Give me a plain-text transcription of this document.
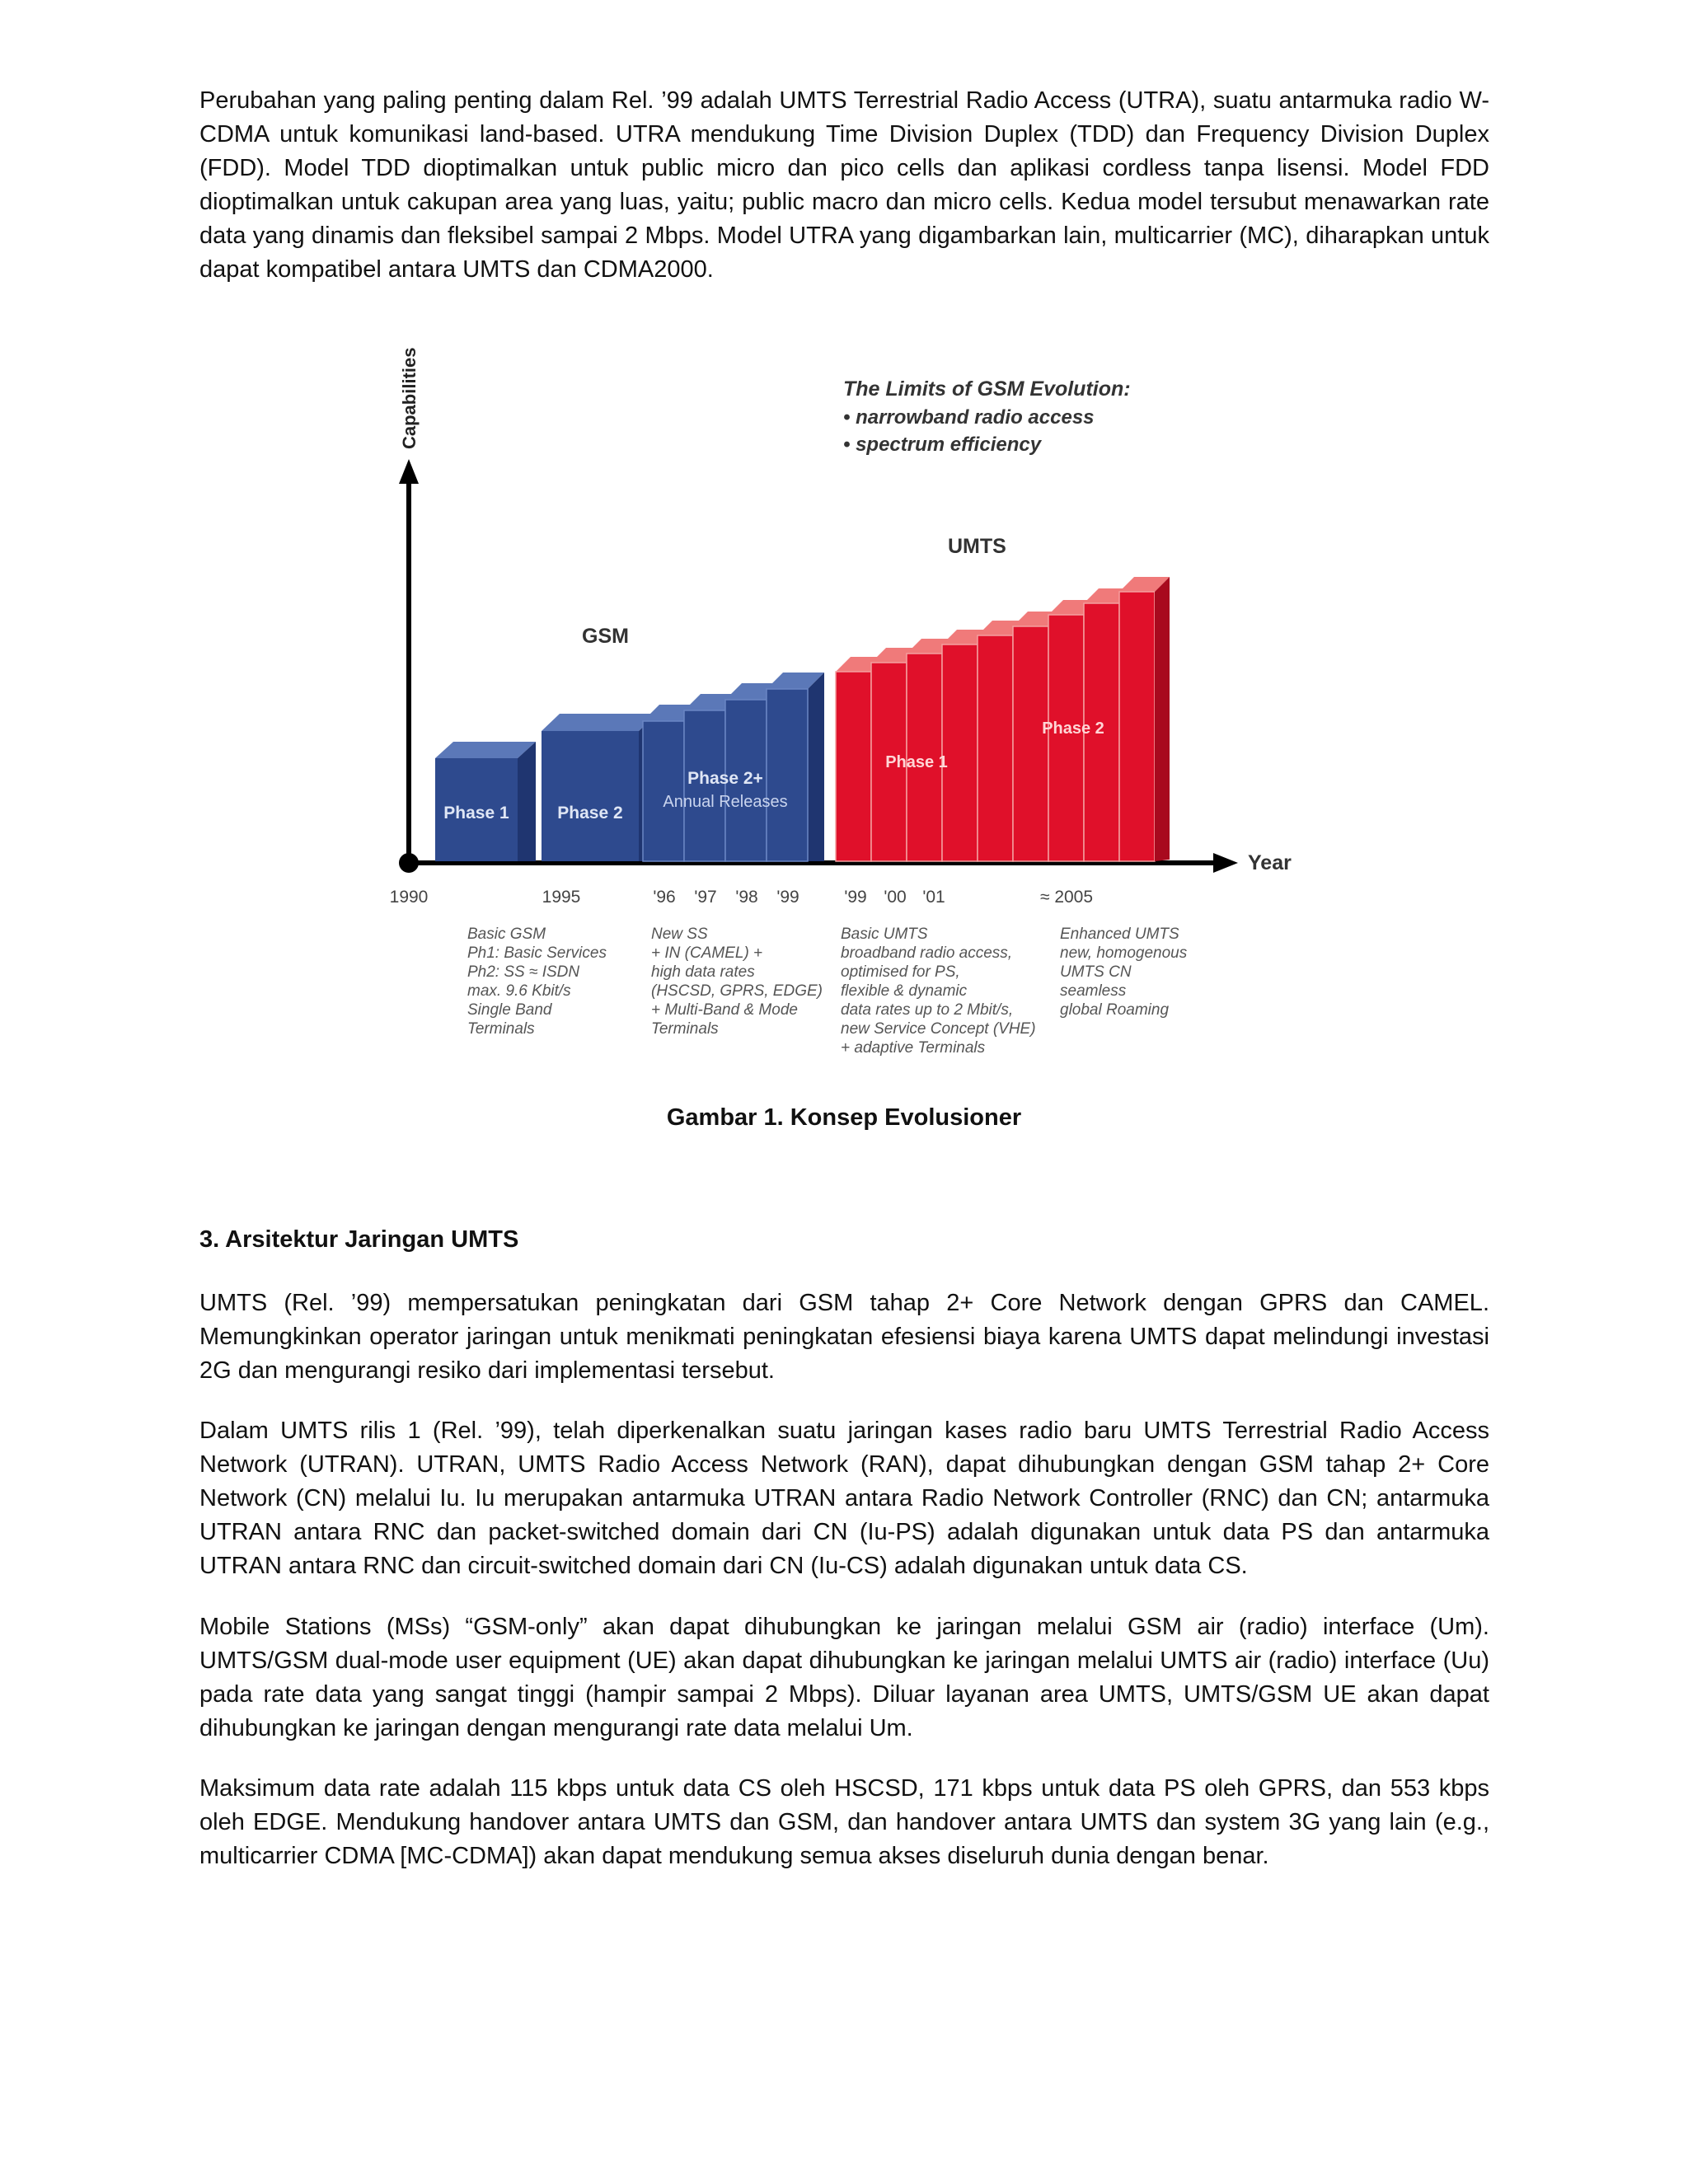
Perubahan yang paling penting dalam Rel. ’99 adalah UMTS Terrestrial Radio Access (UTRA), suatu antarmuka radio W-CDMA untuk komunikasi land-based. UTRA mendukung Time Division Duplex (TDD) dan Frequency Division Duplex (FDD). Model TDD dioptimalkan untuk public micro dan pico cells dan aplikasi cordless tanpa lisensi. Model FDD dioptimalkan untuk cakupan area yang luas, yaitu; public macro dan micro cells. Kedua model tersubut menawarkan rate data yang dinamis dan fleksibel sampai 2 Mbps. Model UTRA yang digambarkan lain, multicarrier (MC), diharapkan untuk dapat kompatibel antara UMTS dan CDMA2000.

Capabilities
Year
The Limits of GSM Evolution:
• narrowband radio access
• spectrum efficiency
GSM
UMTS
Phase 1	Phase 2
Phase 2+
Annual Releases
Phase 1
Phase 2
1990	1995	'96 '97 '98 '99	'99 '00 '01	≈ 2005
Basic GSM
Ph1: Basic Services
Ph2: SS ≈ ISDN
max. 9.6 Kbit/s
Single Band
Terminals
New SS
+ IN (CAMEL) +
high data rates
(HSCSD, GPRS, EDGE)
+ Multi-Band & Mode
Terminals
Basic UMTS
broadband radio access,
optimised for PS,
flexible & dynamic
data rates up to 2 Mbit/s,
new Service Concept (VHE)
+ adaptive Terminals
Enhanced UMTS
new, homogenous
UMTS CN
seamless
global Roaming

Gambar 1. Konsep Evolusioner

3. Arsitektur Jaringan UMTS

UMTS (Rel. ’99) mempersatukan peningkatan dari GSM tahap 2+ Core Network dengan GPRS dan CAMEL. Memungkinkan operator jaringan untuk menikmati peningkatan efesiensi biaya karena UMTS dapat melindungi investasi 2G dan mengurangi resiko dari implementasi tersebut.

Dalam UMTS rilis 1 (Rel. ’99), telah diperkenalkan suatu jaringan kases radio baru UMTS Terrestrial Radio Access Network (UTRAN). UTRAN, UMTS Radio Access Network (RAN), dapat dihubungkan dengan GSM tahap 2+ Core Network (CN) melalui Iu. Iu merupakan antarmuka UTRAN antara Radio Network Controller (RNC) dan CN; antarmuka UTRAN antara RNC dan packet-switched domain dari CN (Iu-PS) adalah digunakan untuk data PS dan antarmuka UTRAN antara RNC dan circuit-switched domain dari CN (Iu-CS) adalah digunakan untuk data CS.

Mobile Stations (MSs) “GSM-only” akan dapat dihubungkan ke jaringan melalui GSM air (radio) interface (Um). UMTS/GSM dual-mode user equipment (UE) akan dapat dihubungkan ke jaringan melalui UMTS air (radio) interface (Uu) pada rate data yang sangat tinggi (hampir sampai 2 Mbps). Diluar layanan area UMTS, UMTS/GSM UE akan dapat dihubungkan ke jaringan dengan mengurangi rate data melalui Um.

Maksimum data rate adalah 115 kbps untuk data CS oleh HSCSD, 171 kbps untuk data PS oleh GPRS, dan 553 kbps oleh EDGE. Mendukung handover antara UMTS dan GSM, dan handover antara UMTS dan system 3G yang lain (e.g., multicarrier CDMA [MC-CDMA]) akan dapat mendukung semua akses diseluruh dunia dengan benar.
